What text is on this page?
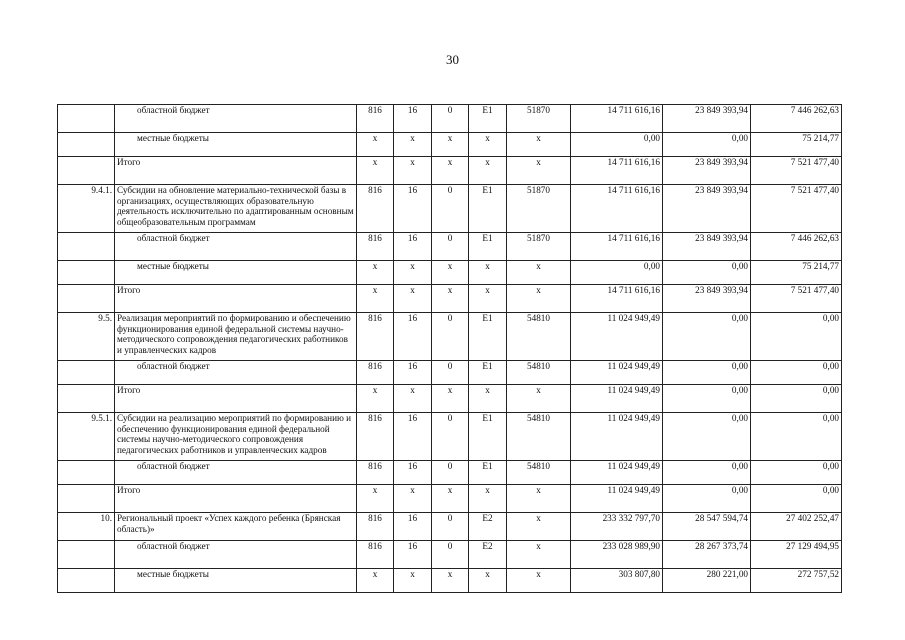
30
	областной бюджет	816	16	0	E1	51870	14 711 616,16	23 849 393,94	7 446 262,63
	местные бюджеты	x	x	x	x	x	0,00	0,00	75 214,77
	Итого	x	x	x	x	x	14 711 616,16	23 849 393,94	7 521 477,40
9.4.1.	Субсидии на обновление материально-технической базы в организациях, осуществляющих образовательную деятельность исключительно по адаптированным основным общеобразовательным программам	816	16	0	E1	51870	14 711 616,16	23 849 393,94	7 521 477,40
	областной бюджет	816	16	0	E1	51870	14 711 616,16	23 849 393,94	7 446 262,63
	местные бюджеты	x	x	x	x	x	0,00	0,00	75 214,77
	Итого	x	x	x	x	x	14 711 616,16	23 849 393,94	7 521 477,40
9.5.	Реализация мероприятий по формированию и обеспечению функционирования единой федеральной системы научно-методического сопровождения педагогических работников и управленческих кадров	816	16	0	E1	54810	11 024 949,49	0,00	0,00
	областной бюджет	816	16	0	E1	54810	11 024 949,49	0,00	0,00
	Итого	x	x	x	x	x	11 024 949,49	0,00	0,00
9.5.1.	Субсидии на реализацию мероприятий по формированию и обеспечению функционирования единой федеральной системы научно-методического сопровождения педагогических работников и управленческих кадров	816	16	0	E1	54810	11 024 949,49	0,00	0,00
	областной бюджет	816	16	0	E1	54810	11 024 949,49	0,00	0,00
	Итого	x	x	x	x	x	11 024 949,49	0,00	0,00
10.	Региональный проект «Успех каждого ребенка (Брянская область)»	816	16	0	E2	x	233 332 797,70	28 547 594,74	27 402 252,47
	областной бюджет	816	16	0	E2	x	233 028 989,90	28 267 373,74	27 129 494,95
	местные бюджеты	x	x	x	x	x	303 807,80	280 221,00	272 757,52
